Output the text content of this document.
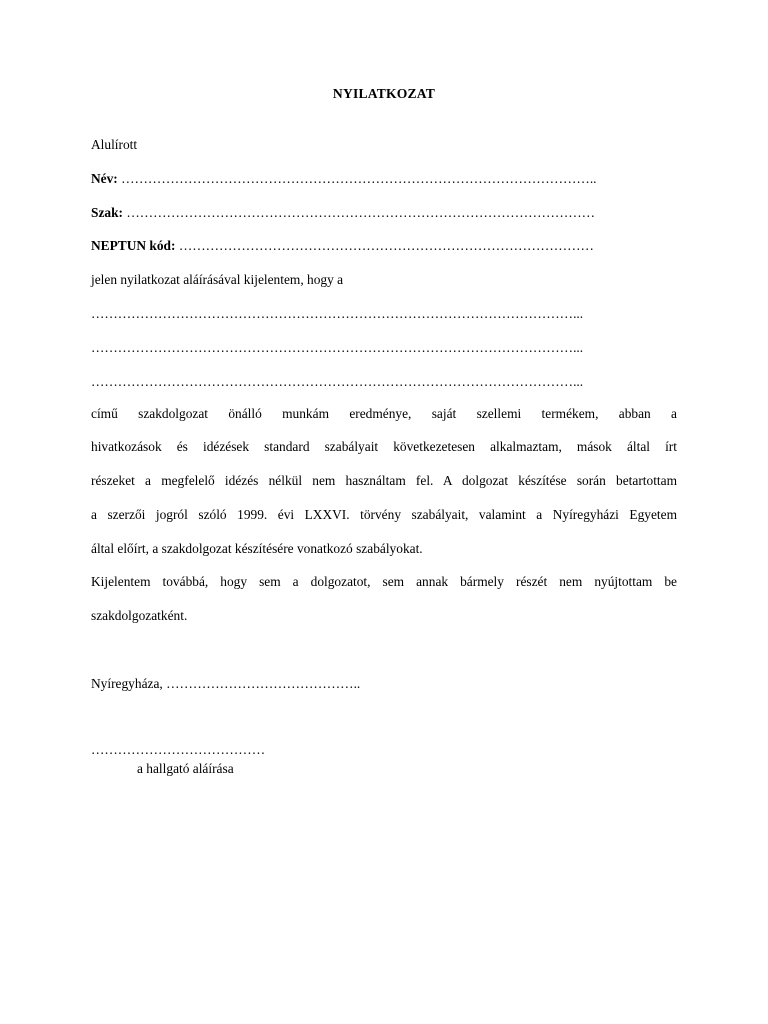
NYILATKOZAT
Alulírott
Név: ……………………………………………………………………………………………..
Szak: ……………………………………………………………………………………………
NEPTUN kód: …………………………………………………………………………………
jelen nyilatkozat aláírásával kijelentem, hogy a
………………………………………………………………………………………………...
………………………………………………………………………………………………...
………………………………………………………………………………………………...
című szakdolgozat önálló munkám eredménye, saját szellemi termékem, abban a
hivatkozások és idézések standard szabályait következetesen alkalmaztam, mások által írt
részeket a megfelelő idézés nélkül nem használtam fel. A dolgozat készítése során betartottam
a szerzői jogról szóló 1999. évi LXXVI. törvény szabályait, valamint a Nyíregyházi Egyetem
által előírt, a szakdolgozat készítésére vonatkozó szabályokat.
Kijelentem továbbá, hogy sem a dolgozatot, sem annak bármely részét nem nyújtottam be
szakdolgozatként.
Nyíregyháza, ……………………………………..
…………………………………
a hallgató aláírása
